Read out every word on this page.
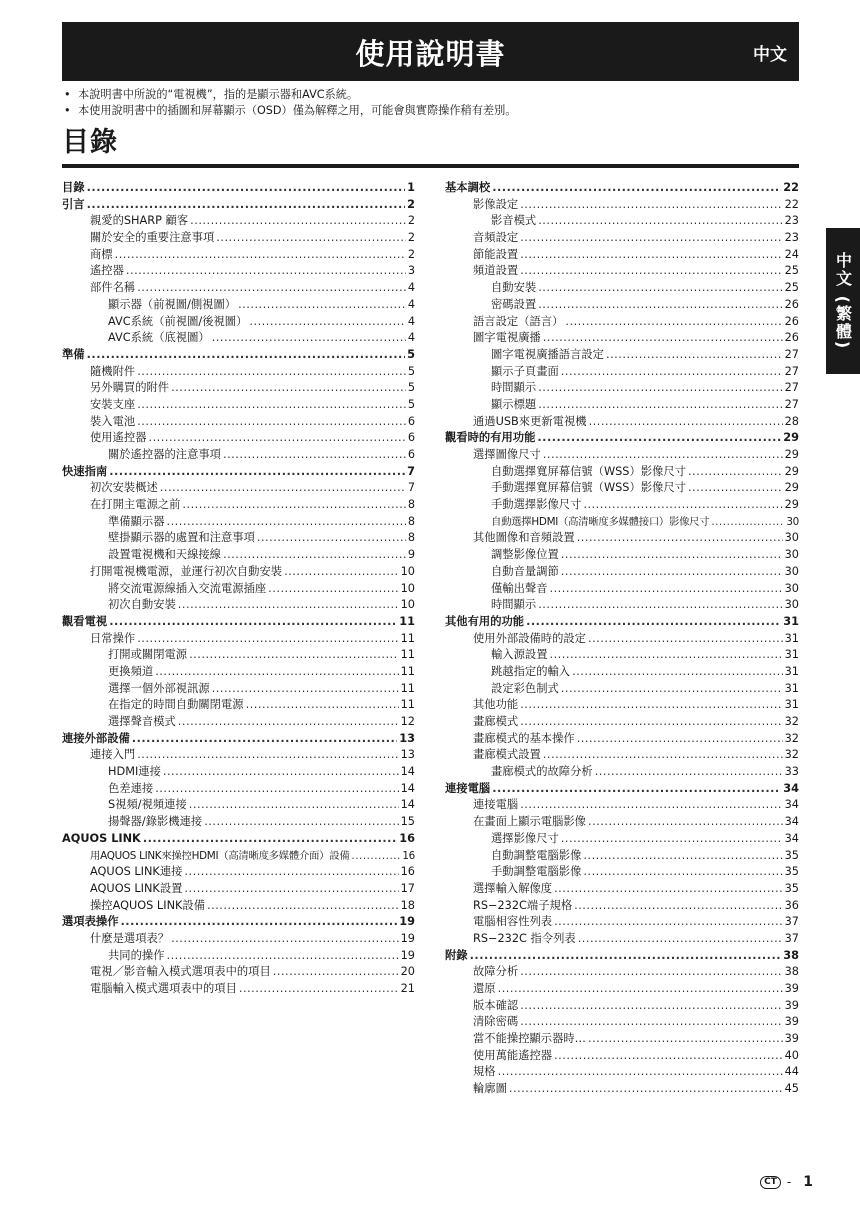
使用說明書	中文
• 本說明書中所說的“電視機”，指的是顯示器和AVC系統。
• 本使用說明書中的插圖和屏幕顯示（OSD）僅為解釋之用，可能會與實際操作稍有差別。
目錄
目錄 .....	1
引言 .....	2
親愛的SHARP 顧客 .....	2
關於安全的重要注意事項 .....	2
商標 .....	2
遙控器 .....	3
部件名稱 .....	4
顯示器（前視圖/側視圖） .....	4
AVC系統（前視圖/後視圖） .....	4
AVC系統（底視圖） .....	4
準備 .....	5
隨機附件 .....	5
另外購買的附件 .....	5
安裝支座 .....	5
裝入電池 .....	6
使用遙控器 .....	6
關於遙控器的注意事項 .....	6
快速指南 .....	7
初次安裝概述 .....	7
在打開主電源之前 .....	8
準備顯示器 .....	8
壁掛顯示器的處置和注意事項 .....	8
設置電視機和天線接線 .....	9
打開電視機電源，並運行初次自動安裝 .....	10
將交流電源線插入交流電源插座 .....	10
初次自動安裝 .....	10
觀看電視 .....	11
日常操作 .....	11
打開或關閉電源 .....	11
更換頻道 .....	11
選擇一個外部視訊源 .....	11
在指定的時間自動關閉電源 .....	11
選擇聲音模式 .....	12
連接外部設備 .....	13
連接入門 .....	13
HDMI連接 .....	14
色差連接 .....	14
S視頻/視頻連接 .....	14
揚聲器/錄影機連接 .....	15
AQUOS LINK .....	16
用AQUOS LINK來操控HDMI（高清晰度多媒體介面）設備 .....	16
AQUOS LINK連接 .....	16
AQUOS LINK設置 .....	17
操控AQUOS LINK設備 .....	18
選項表操作 .....	19
什麼是選項表？ .....	19
共同的操作 .....	19
電視／影音輸入模式選項表中的項目 .....	20
電腦輸入模式選項表中的項目 .....	21
基本調校 .....	22
影像設定 .....	22
影音模式 .....	23
音頻設定 .....	23
節能設置 .....	24
頻道設置 .....	25
自動安裝 .....	25
密碼設置 .....	26
語言設定（語言） .....	26
圖字電視廣播 .....	26
圖字電視廣播語言設定 .....	27
顯示子頁畫面 .....	27
時間顯示 .....	27
顯示標題 .....	27
通過USB來更新電視機 .....	28
觀看時的有用功能 .....	29
選擇圖像尺寸 .....	29
自動選擇寬屏幕信號（WSS）影像尺寸 .....	29
手動選擇寬屏幕信號（WSS）影像尺寸 .....	29
手動選擇影像尺寸 .....	29
自動選擇HDMI（高清晰度多媒體接口）影像尺寸 .....	30
其他圖像和音頻設置 .....	30
調整影像位置 .....	30
自動音量調節 .....	30
僅輸出聲音 .....	30
時間顯示 .....	30
其他有用的功能 .....	31
使用外部設備時的設定 .....	31
輸入源設置 .....	31
跳越指定的輸入 .....	31
設定彩色制式 .....	31
其他功能 .....	31
畫廊模式 .....	32
畫廊模式的基本操作 .....	32
畫廊模式設置 .....	32
畫廊模式的故障分析 .....	33
連接電腦 .....	34
連接電腦 .....	34
在畫面上顯示電腦影像 .....	34
選擇影像尺寸 .....	34
自動調整電腦影像 .....	35
手動調整電腦影像 .....	35
選擇輸入解像度 .....	35
RS−232C端子規格 .....	36
電腦相容性列表 .....	37
RS−232C 指令列表 .....	37
附錄 .....	38
故障分析 .....	38
還原 .....	39
版本確認 .....	39
清除密碼 .....	39
當不能操控顯示器時… .....	39
使用萬能遙控器 .....	40
規格 .....	44
輪廓圖 .....	45
中文 (繁體)
CT - 1
